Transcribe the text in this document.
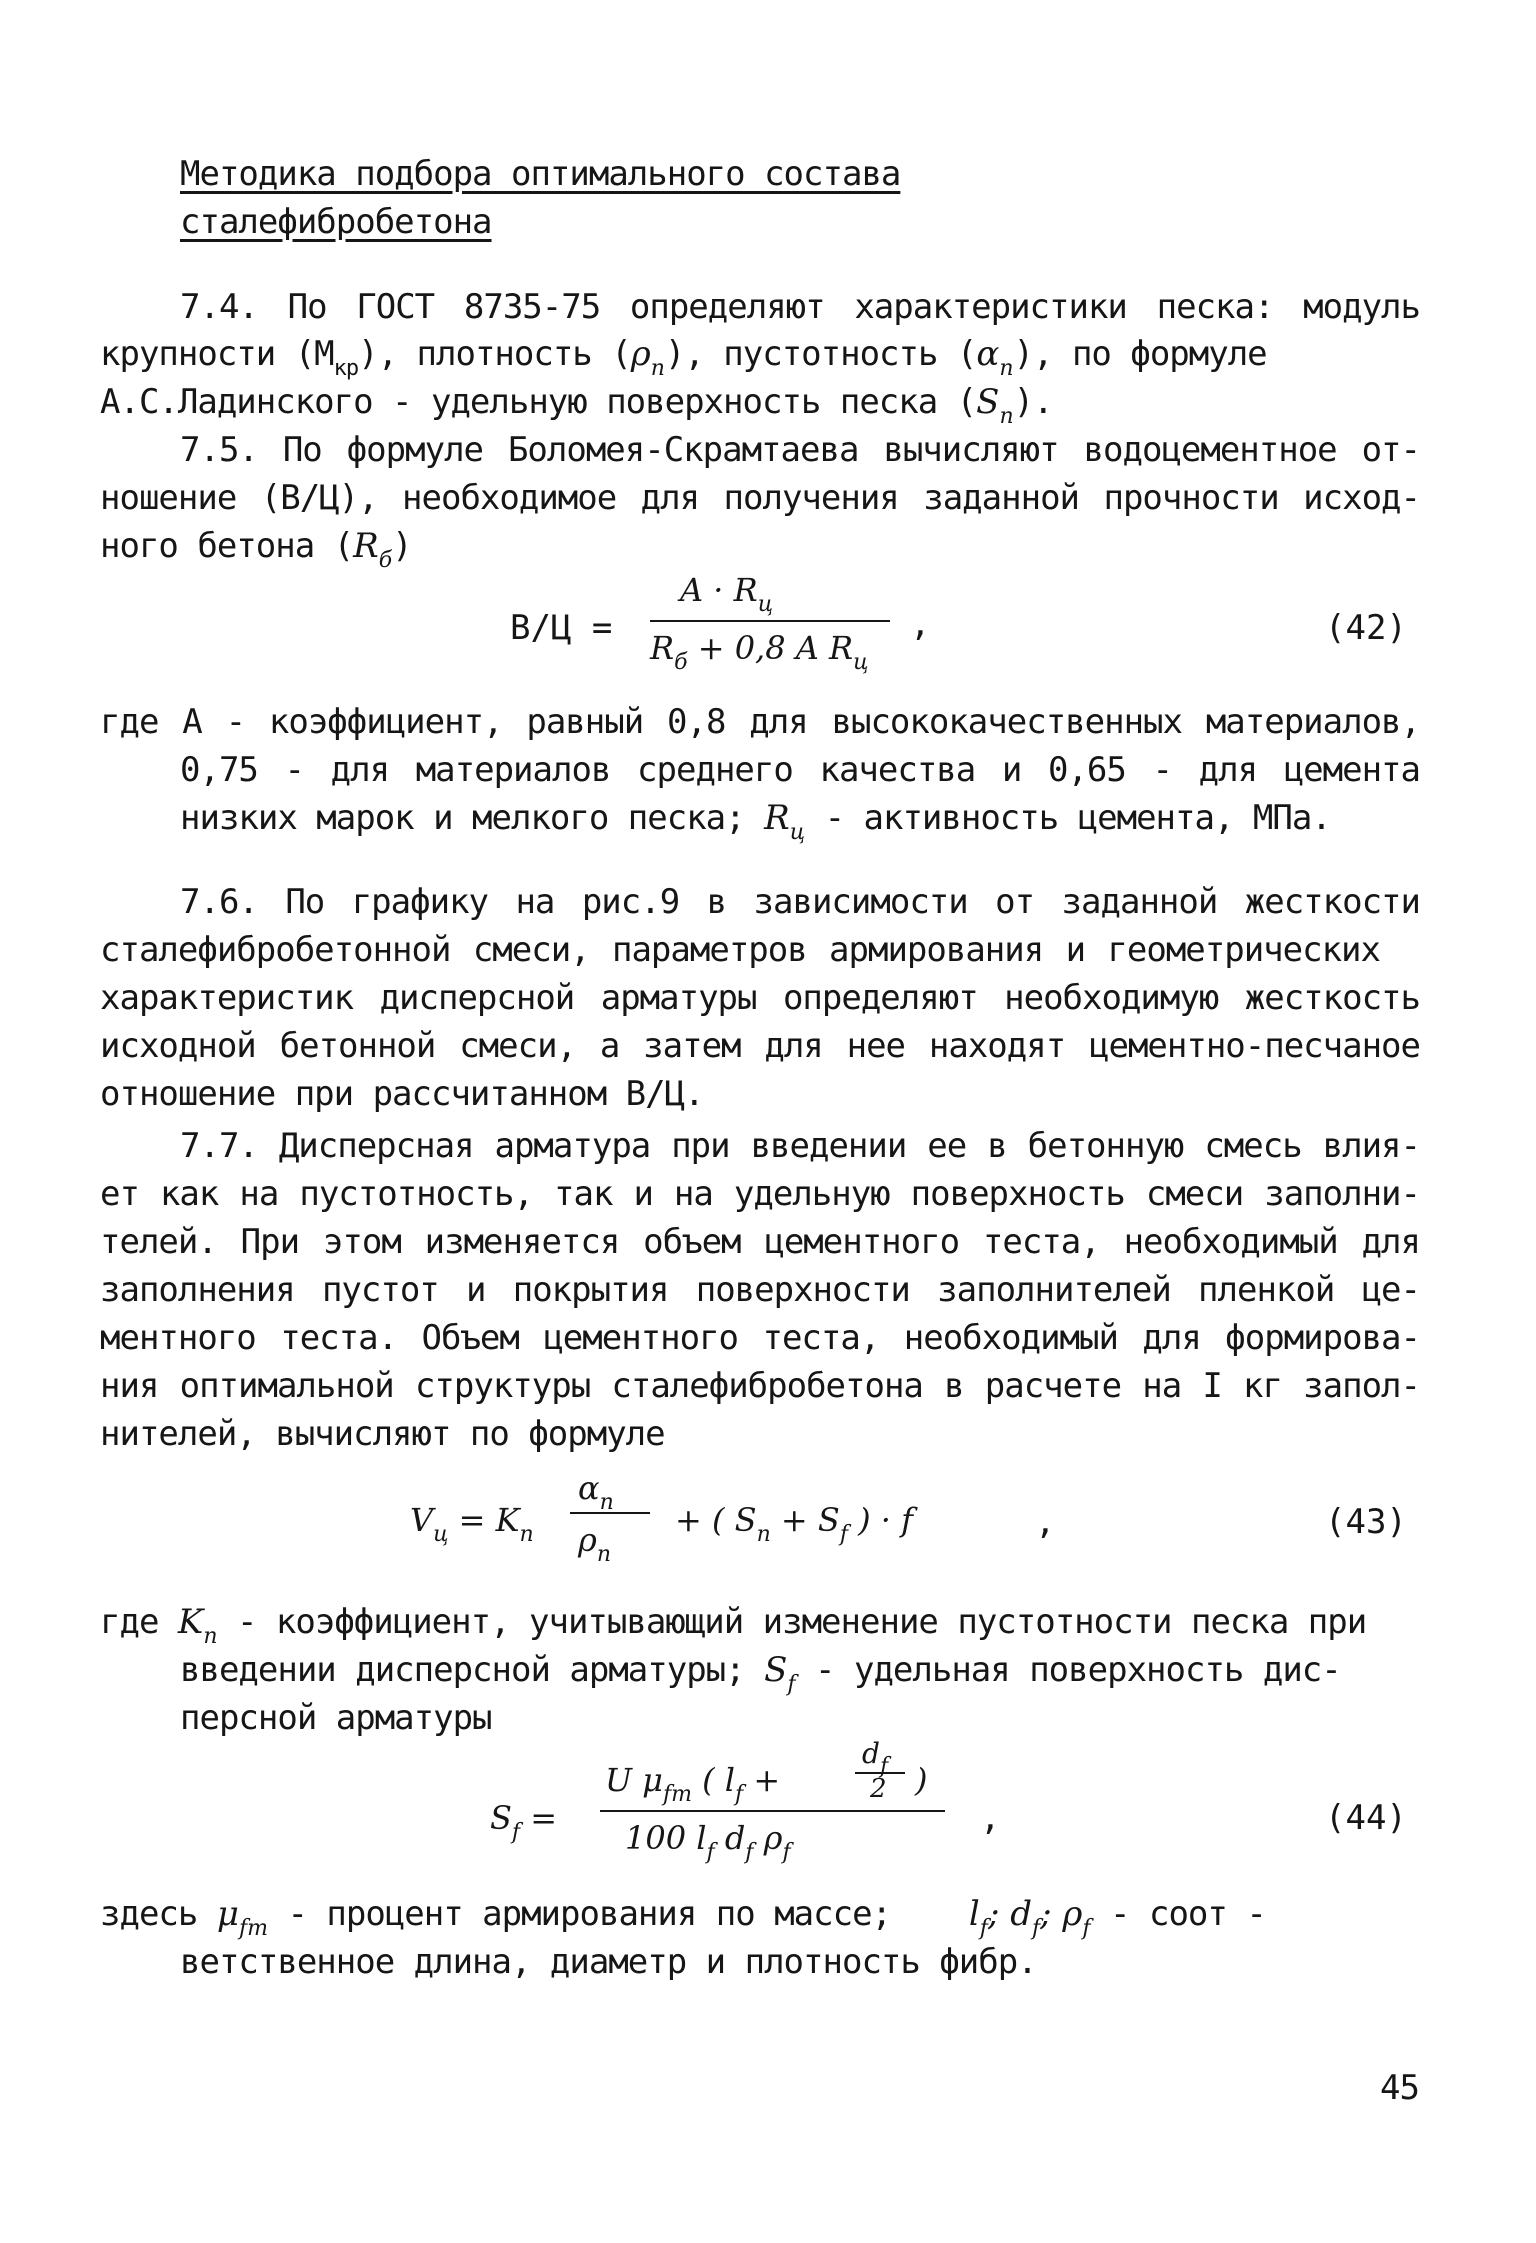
Методика подбора оптимального состава
сталефибробетона
7.4. По ГОСТ 8735-75 определяют характеристики песка: модуль
крупности $(M_{кр})$, плотность $(\rho_п)$, пустотность $(\alpha_п)$, по формуле
А.С.Ладинского - удельную поверхность песка $(S_п)$.
7.5. По формуле Боломея-Скрамтаева вычисляют водоцементное от-
ношение (В/Ц), необходимое для получения заданной прочности исход-
ного бетона $(R_б)$
В/Ц =
$A \cdot R_ц$
$R_б + 0,8$ A $R_ц$
,	(42)
где А - коэффициент, равный 0,8 для высококачественных материалов,
0,75 - для материалов среднего качества и 0,65 - для цемента
низких марок и мелкого песка; $R_ц$ - активность цемента, МПа.
7.6. По графику на рис.9 в зависимости от заданной жесткости
сталефибробетонной смеси, параметров армирования и геометрических
характеристик дисперсной арматуры определяют необходимую жесткость
исходной бетонной смеси, а затем для нее находят цементно-песчаное
отношение при рассчитанном В/Ц.
7.7. Дисперсная арматура при введении ее в бетонную смесь влия-
ет как на пустотность, так и на удельную поверхность смеси заполни-
телей. При этом изменяется объем цементного теста, необходимый для
заполнения пустот и покрытия поверхности заполнителей пленкой це-
ментного теста. Объем цементного теста, необходимый для формирова-
ния оптимальной структуры сталефибробетона в расчете на I кг запол-
нителей, вычисляют по формуле
$V_ц = K_п$
$\alpha_п$
$\rho_п$
+ ( $S_п + S_f$ ) · f	,	(43)
где $K_п$ - коэффициент, учитывающий изменение пустотности песка при
введении дисперсной арматуры; $S_f$ - удельная поверхность дис-
персной арматуры
$S_f$ =
U $\mu_{fm}$ ( $l_f$ +
$d_f$
2 )
100 $l_f$ $d_f$ $\rho_f$
,	(44)
здесь $\mu_{fm}$ - процент армирования по массе; $l_f$; $d_f$; $\rho_f$ - соот -
ветственное длина, диаметр и плотность фибр.
45
